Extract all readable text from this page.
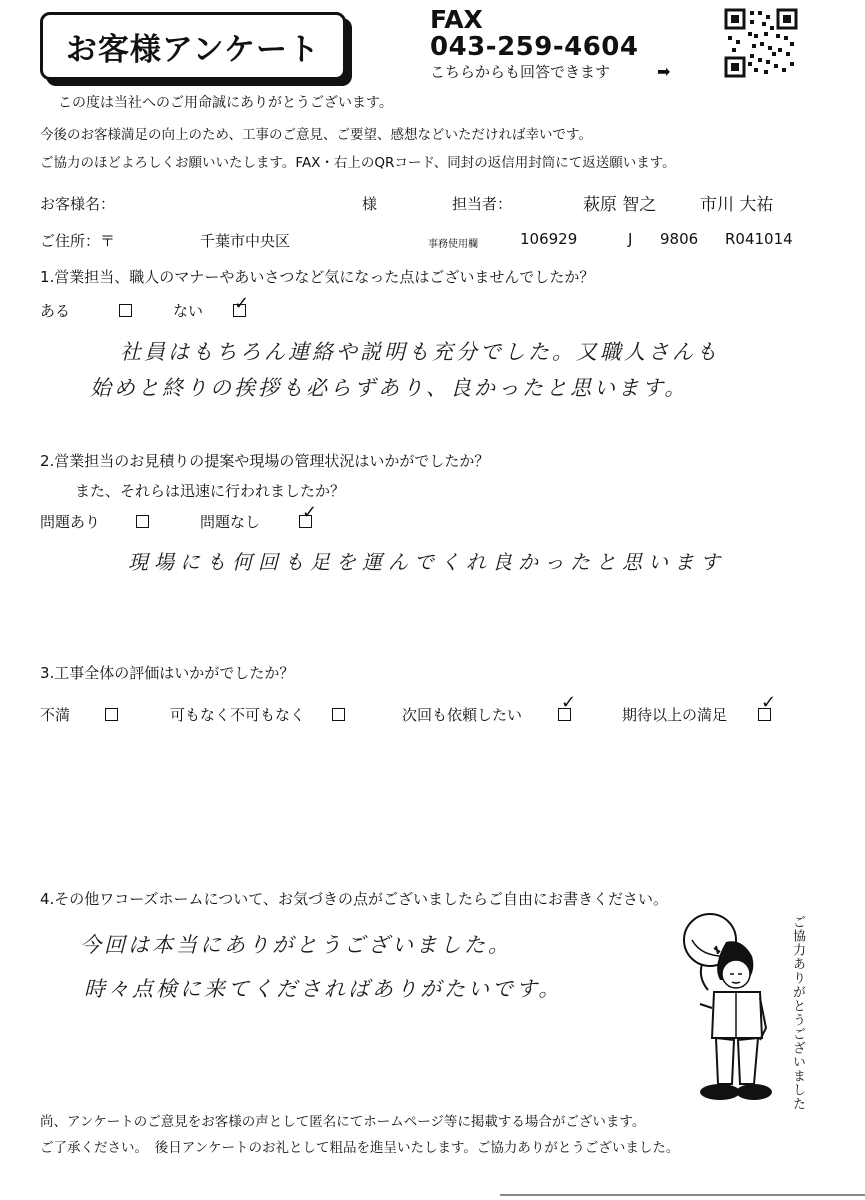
お客様アンケート
FAX
043-259-4604
こちらからも回答できます	➡
この度は当社へのご用命誠にありがとうございます。
今後のお客様満足の向上のため、工事のご意見、ご要望、感想などいただければ幸いです。
ご協力のほどよろしくお願いいたします。FAX・右上のQRコード、同封の返信用封筒にて返送願います。
お客様名：	様	担当者：	萩原 智之	市川 大祐
ご住所：〒	千葉市中央区	事務使用欄	106929	J 9806 R041014
1.営業担当、職人のマナーやあいさつなど気になった点はございませんでしたか？
ある	ない ✓
社員はもちろん連絡や説明も充分でした。又職人さんも
始めと終りの挨拶も必らずあり、良かったと思います。
2.営業担当のお見積りの提案や現場の管理状況はいかがでしたか？
また、それらは迅速に行われましたか？
問題あり	問題なし ✓
現場にも何回も足を運んでくれ良かったと思います
3.工事全体の評価はいかがでしたか？
不満	可もなく不可もなく	次回も依頼したい
✓
期待以上の満足
✓
4.その他ワコーズホームについて、お気づきの点がございましたらご自由にお書きください。
今回は本当にありがとうございました。
時々点検に来てくださればありがたいです。	ご協力ありがとうございました
尚、アンケートのご意見をお客様の声として匿名にてホームページ等に掲載する場合がございます。
ご了承ください。　後日アンケートのお礼として粗品を進呈いたします。ご協力ありがとうございました。
